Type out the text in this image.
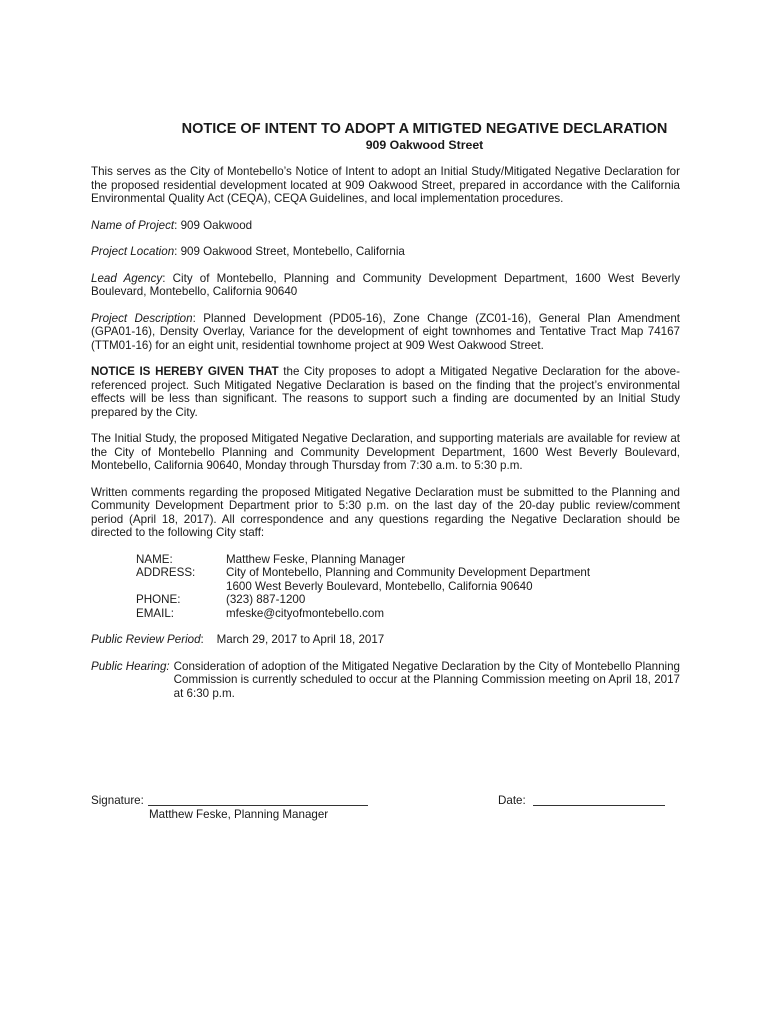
NOTICE OF INTENT TO ADOPT A MITIGTED NEGATIVE DECLARATION
909 Oakwood Street

This serves as the City of Montebello’s Notice of Intent to adopt an Initial Study/Mitigated Negative Declaration for the proposed residential development located at 909 Oakwood Street, prepared in accordance with the California Environmental Quality Act (CEQA), CEQA Guidelines, and local implementation procedures.

Name of Project: 909 Oakwood

Project Location: 909 Oakwood Street, Montebello, California

Lead Agency: City of Montebello, Planning and Community Development Department, 1600 West Beverly Boulevard, Montebello, California 90640

Project Description: Planned Development (PD05-16), Zone Change (ZC01-16), General Plan Amendment (GPA01-16), Density Overlay, Variance for the development of eight townhomes and Tentative Tract Map 74167 (TTM01-16) for an eight unit, residential townhome project at 909 West Oakwood Street.

NOTICE IS HEREBY GIVEN THAT the City proposes to adopt a Mitigated Negative Declaration for the above-referenced project. Such Mitigated Negative Declaration is based on the finding that the project’s environmental effects will be less than significant. The reasons to support such a finding are documented by an Initial Study prepared by the City.

The Initial Study, the proposed Mitigated Negative Declaration, and supporting materials are available for review at the City of Montebello Planning and Community Development Department, 1600 West Beverly Boulevard, Montebello, California 90640, Monday through Thursday from 7:30 a.m. to 5:30 p.m.

Written comments regarding the proposed Mitigated Negative Declaration must be submitted to the Planning and Community Development Department prior to 5:30 p.m. on the last day of the 20-day public review/comment period (April 18, 2017). All correspondence and any questions regarding the Negative Declaration should be directed to the following City staff:

NAME:	Matthew Feske, Planning Manager
ADDRESS:	City of Montebello, Planning and Community Development Department
1600 West Beverly Boulevard, Montebello, California 90640
PHONE:	(323) 887-1200
EMAIL:	mfeske@cityofmontebello.com

Public Review Period:    March 29, 2017 to April 18, 2017

Public Hearing: Consideration of adoption of the Mitigated Negative Declaration by the City of Montebello Planning Commission is currently scheduled to occur at the Planning Commission meeting on April 18, 2017 at 6:30 p.m.
Signature:
Matthew Feske, Planning Manager
Date:
